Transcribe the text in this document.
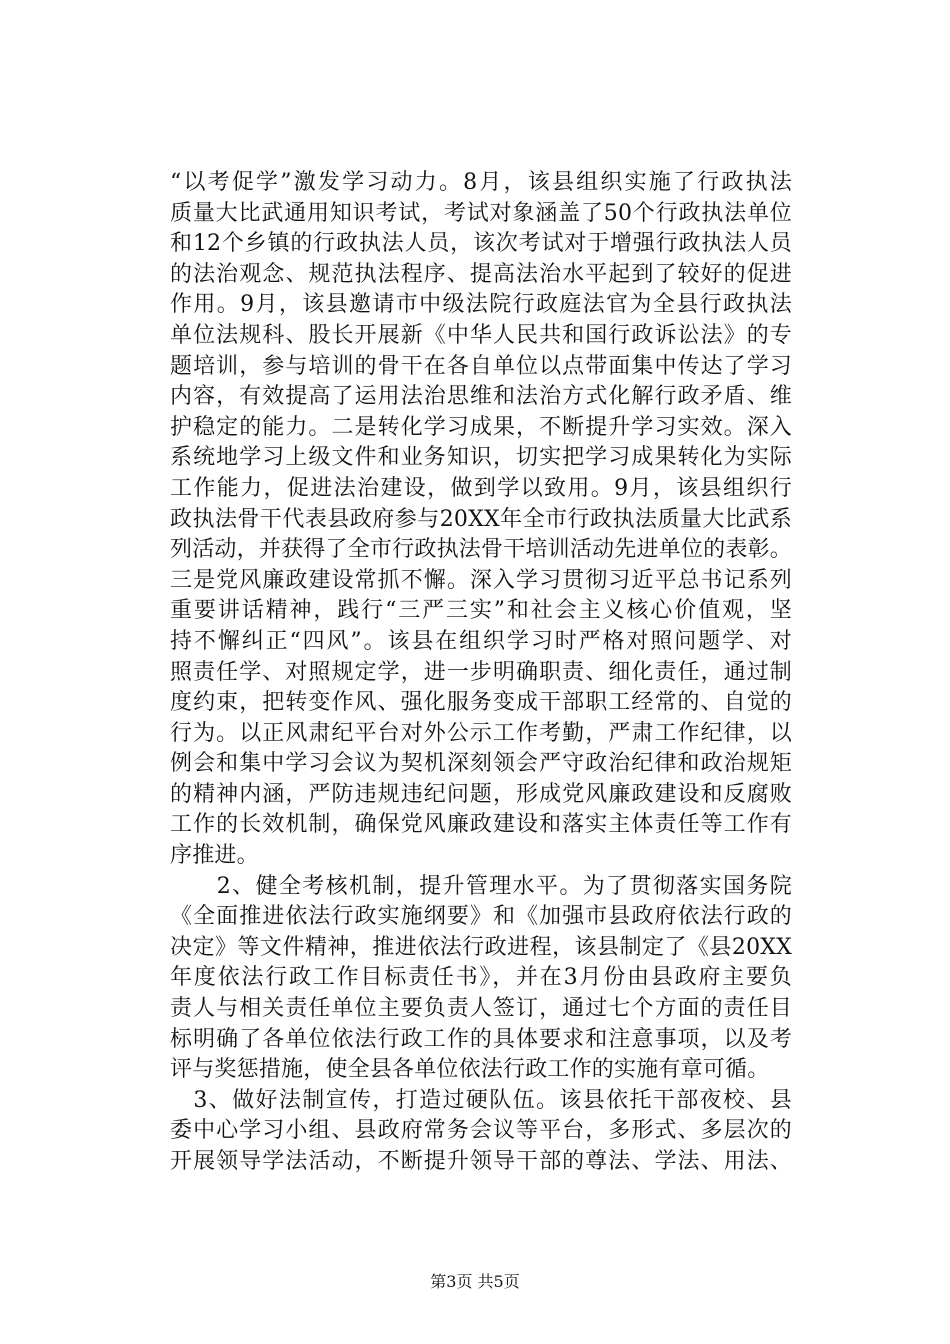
“以考促学”激发学习动力。8月，该县组织实施了行政执法
质量大比武通用知识考试，考试对象涵盖了50个行政执法单位
和12个乡镇的行政执法人员，该次考试对于增强行政执法人员
的法治观念、规范执法程序、提高法治水平起到了较好的促进
作用。9月，该县邀请市中级法院行政庭法官为全县行政执法
单位法规科、股长开展新《中华人民共和国行政诉讼法》的专
题培训，参与培训的骨干在各自单位以点带面集中传达了学习
内容，有效提高了运用法治思维和法治方式化解行政矛盾、维
护稳定的能力。二是转化学习成果，不断提升学习实效。深入
系统地学习上级文件和业务知识，切实把学习成果转化为实际
工作能力，促进法治建设，做到学以致用。9月，该县组织行
政执法骨干代表县政府参与20XX年全市行政执法质量大比武系
列活动，并获得了全市行政执法骨干培训活动先进单位的表彰。
三是党风廉政建设常抓不懈。深入学习贯彻习近平总书记系列
重要讲话精神，践行“三严三实”和社会主义核心价值观，坚
持不懈纠正“四风”。该县在组织学习时严格对照问题学、对
照责任学、对照规定学，进一步明确职责、细化责任，通过制
度约束，把转变作风、强化服务变成干部职工经常的、自觉的
行为。以正风肃纪平台对外公示工作考勤，严肃工作纪律，以
例会和集中学习会议为契机深刻领会严守政治纪律和政治规矩
的精神内涵，严防违规违纪问题，形成党风廉政建设和反腐败
工作的长效机制，确保党风廉政建设和落实主体责任等工作有
序推进。
　　2、健全考核机制，提升管理水平。为了贯彻落实国务院
《全面推进依法行政实施纲要》和《加强市县政府依法行政的
决定》等文件精神，推进依法行政进程，该县制定了《县20XX
年度依法行政工作目标责任书》，并在3月份由县政府主要负
责人与相关责任单位主要负责人签订，通过七个方面的责任目
标明确了各单位依法行政工作的具体要求和注意事项，以及考
评与奖惩措施，使全县各单位依法行政工作的实施有章可循。
　3、做好法制宣传，打造过硬队伍。该县依托干部夜校、县
委中心学习小组、县政府常务会议等平台，多形式、多层次的
开展领导学法活动，不断提升领导干部的尊法、学法、用法、
第3页 共5页
